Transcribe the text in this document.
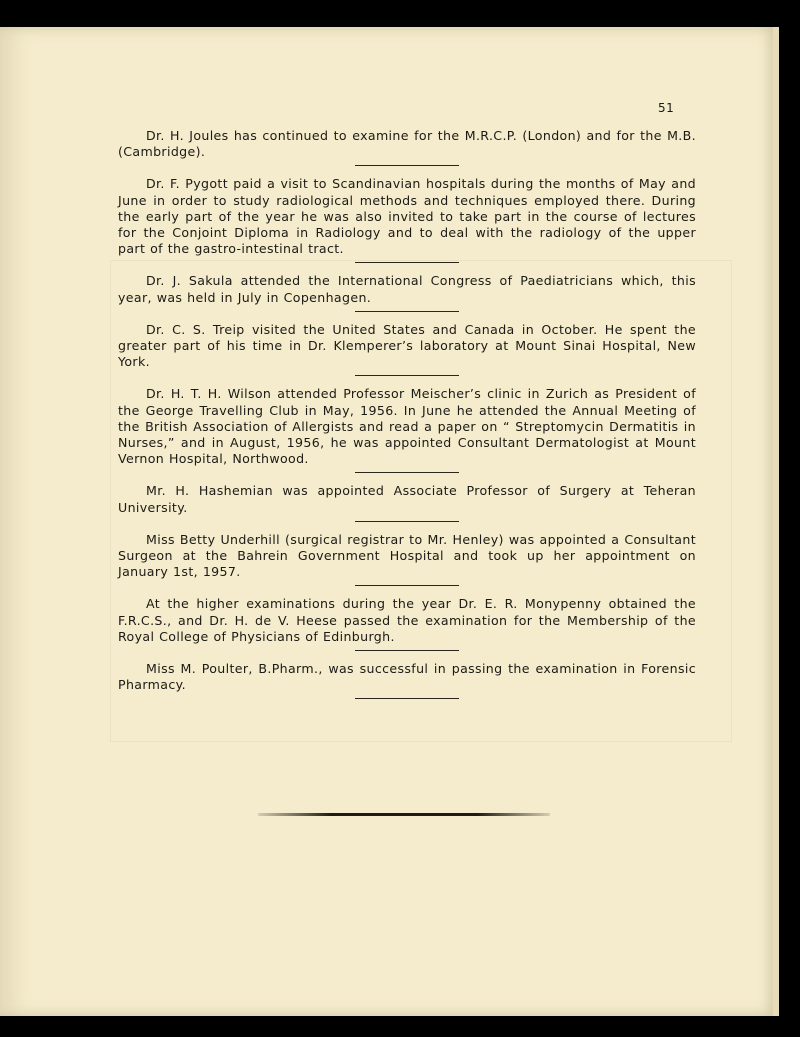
51

Dr. H. Joules has continued to examine for the M.R.C.P. (London) and for the M.B. (Cambridge).

Dr. F. Pygott paid a visit to Scandinavian hospitals during the months of May and June in order to study radiological methods and techniques employed there. During the early part of the year he was also invited to take part in the course of lectures for the Conjoint Diploma in Radiology and to deal with the radiology of the upper part of the gastro-intestinal tract.

Dr. J. Sakula attended the International Congress of Paediatricians which, this year, was held in July in Copenhagen.

Dr. C. S. Treip visited the United States and Canada in October. He spent the greater part of his time in Dr. Klemperer’s laboratory at Mount Sinai Hospital, New York.

Dr. H. T. H. Wilson attended Professor Meischer’s clinic in Zurich as President of the George Travelling Club in May, 1956. In June he attended the Annual Meeting of the British Association of Allergists and read a paper on “ Streptomycin Dermatitis in Nurses,” and in August, 1956, he was appointed Consultant Dermatologist at Mount Vernon Hospital, Northwood.

Mr. H. Hashemian was appointed Associate Professor of Surgery at Teheran University.

Miss Betty Underhill (surgical registrar to Mr. Henley) was appointed a Consultant Surgeon at the Bahrein Government Hospital and took up her appointment on January 1st, 1957.

At the higher examinations during the year Dr. E. R. Monypenny obtained the F.R.C.S., and Dr. H. de V. Heese passed the examination for the Membership of the Royal College of Physicians of Edinburgh.

Miss M. Poulter, B.Pharm., was successful in passing the examination in Forensic Pharmacy.
